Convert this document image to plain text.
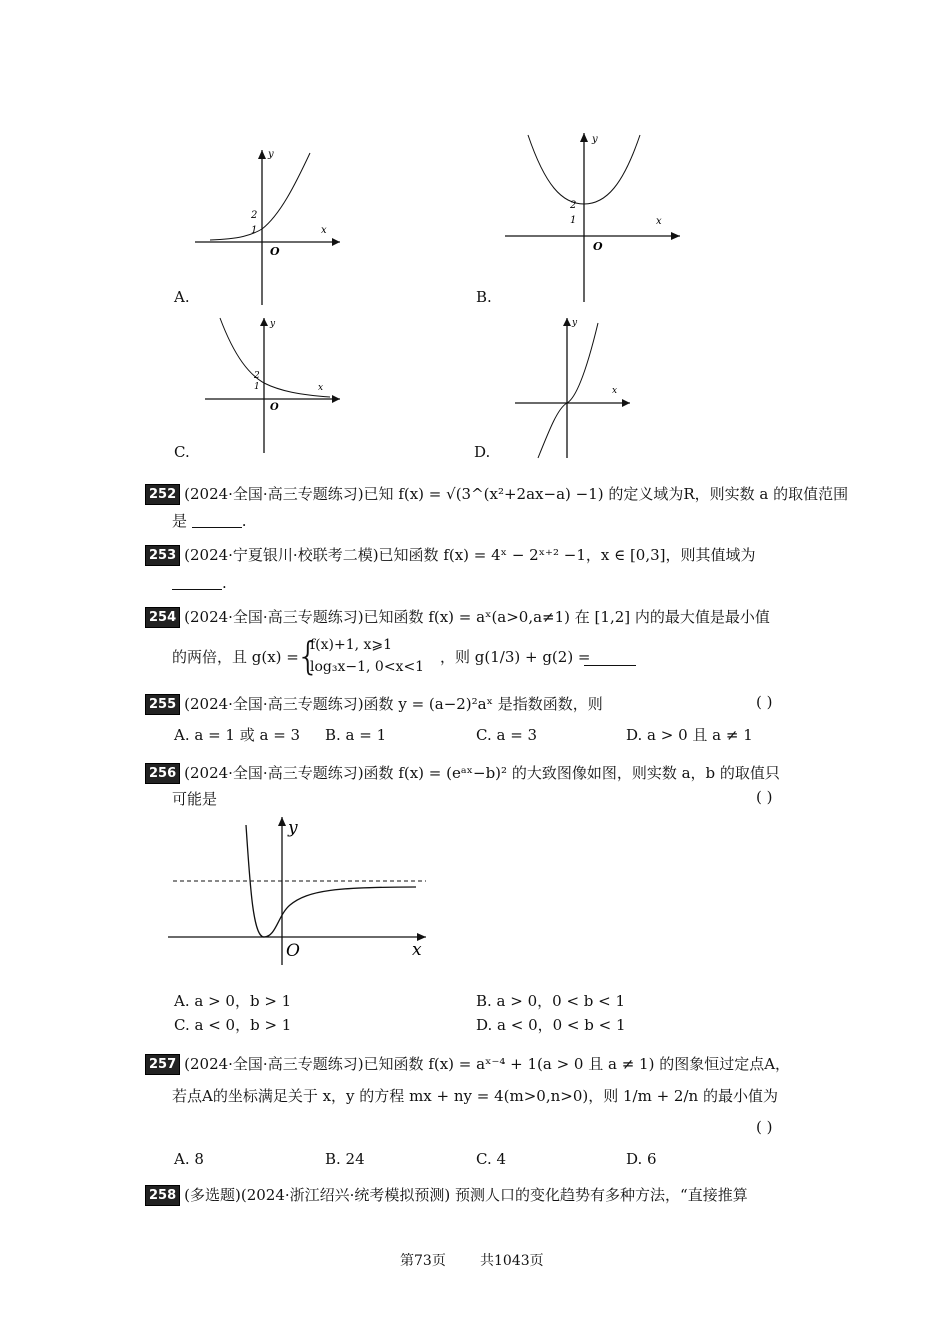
y
x
O
2
1
A.
y
x
O
2
1
B.
y
x
O
2
1
C.
y
x
D.
252 (2024·全国·高三专题练习)已知 f(x) = √(3^(x²+2ax−a) −1) 的定义域为R，则实数 a 的取值范围
是	.
253 (2024·宁夏银川·校联考二模)已知函数 f(x) = 4ˣ − 2ˣ⁺² −1，x ∈ [0,3]，则其值域为
.
254 (2024·全国·高三专题练习)已知函数 f(x) = aˣ(a>0,a≠1) 在 [1,2] 内的最大值是最小值
的两倍，且 g(x) =
{
f(x)+1, x⩾1
log₃x−1, 0<x<1
，则 g(1/3) + g(2) =
255 (2024·全国·高三专题练习)函数 y = (a−2)²aˣ 是指数函数，则	( )
A. a = 1 或 a = 3 B. a = 1	C. a = 3	D. a > 0 且 a ≠ 1
256 (2024·全国·高三专题练习)函数 f(x) = (eᵃˣ−b)² 的大致图像如图，则实数 a，b 的取值只
可能是	( )
y
x
O
A. a > 0，b > 1	B. a > 0，0 < b < 1
C. a < 0，b > 1	D. a < 0，0 < b < 1
257 (2024·全国·高三专题练习)已知函数 f(x) = aˣ⁻⁴ + 1(a > 0 且 a ≠ 1) 的图象恒过定点A，
若点A的坐标满足关于 x，y 的方程 mx + ny = 4(m>0,n>0)，则 1/m + 2/n 的最小值为
( )
A. 8	B. 24	C. 4	D. 6
258 (多选题)(2024·浙江绍兴·统考模拟预测) 预测人口的变化趋势有多种方法，“直接推算
第73页 共1043页
